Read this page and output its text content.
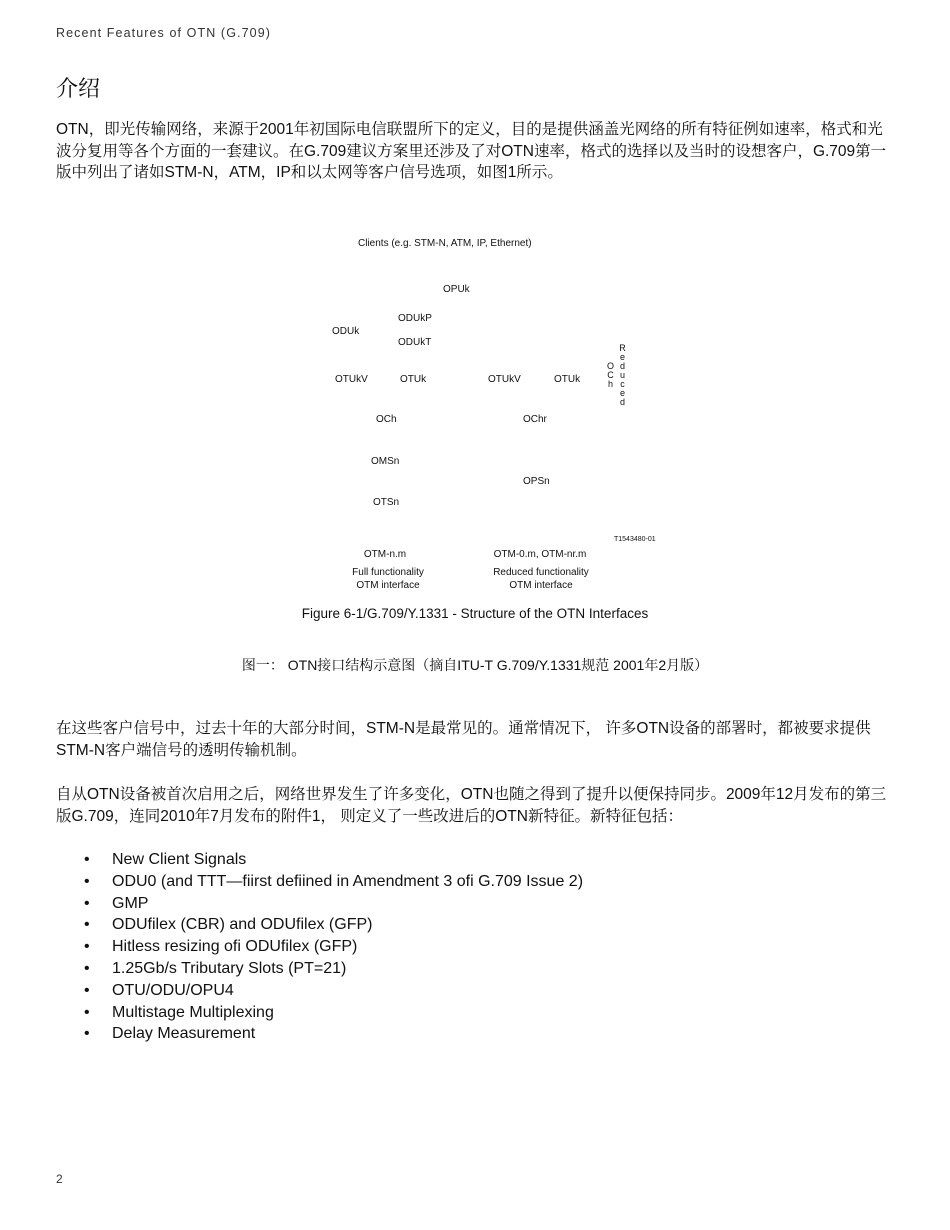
Recent Features of OTN (G.709)
介绍

OTN，即光传输网络，来源于2001年初国际电信联盟所下的定义，目的是提供涵盖光网络的所有特征例如速率，格式和光波分复用等各个方面的一套建议。在G.709建议方案里还涉及了对OTN速率，格式的选择以及当时的设想客户，G.709第一版中列出了诸如STM-N，ATM，IP和以太网等客户信号选项，如图1所示。

Clients (e.g. STM-N, ATM, IP, Ethernet)
OPUk
ODUkP
ODUk
ODUkT
OTUkV	OTUk	OTUkV	OTUk
OCh
Reduced
OCh	OChr
OMSn
OPSn
OTSn
T1543480-01
OTM-n.m	OTM-0.m, OTM-nr.m
Full functionality	Reduced functionality
OTM interface	OTM interface
Figure 6-1/G.709/Y.1331 - Structure of the OTN Interfaces
图一： OTN接口结构示意图（摘自ITU-T G.709/Y.1331规范 2001年2月版）

在这些客户信号中，过去十年的大部分时间，STM-N是最常见的。通常情况下， 许多OTN设备的部署时，都被要求提供STM-N客户端信号的透明传输机制。

自从OTN设备被首次启用之后，网络世界发生了许多变化，OTN也随之得到了提升以便保持同步。2009年12月发布的第三版G.709，连同2010年7月发布的附件1， 则定义了一些改进后的OTN新特征。新特征包括：

• New Client Signals
• ODU0 (and TTT—fiirst defiined in Amendment 3 ofi G.709 Issue 2)
• GMP
• ODUfilex (CBR) and ODUfilex (GFP)
• Hitless resizing ofi ODUfilex (GFP)
• 1.25Gb/s Tributary Slots (PT=21)
• OTU/ODU/OPU4
• Multistage Multiplexing
• Delay Measurement
2
